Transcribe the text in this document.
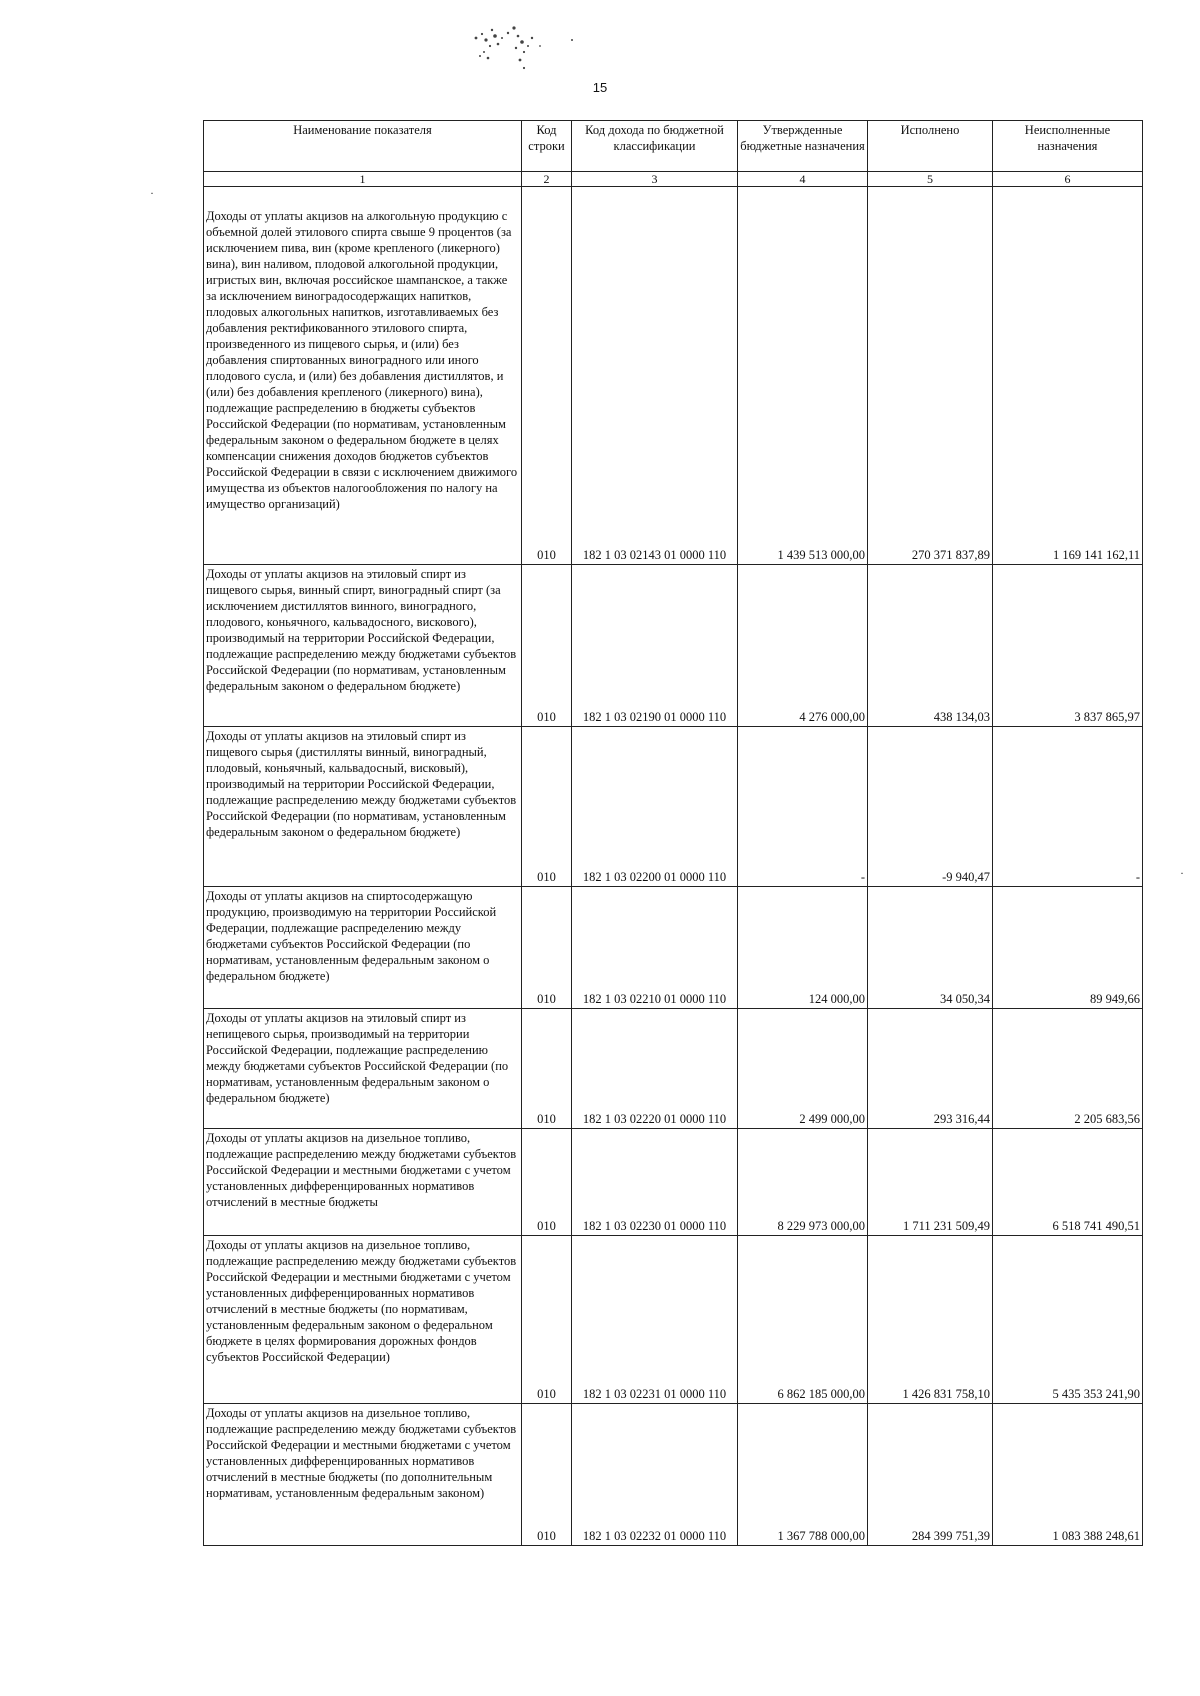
15
Наименование показателя	Код строки	Код дохода по бюджетной классификации	Утвержденные бюджетные назначения	Исполнено	Неисполненные назначения
1	2	3	4	5	6

Доходы от уплаты акцизов на алкогольную продукцию с объемной долей этилового спирта свыше 9 процентов (за исключением пива, вин (кроме крепленого (ликерного) вина), вин наливом, плодовой алкогольной продукции, игристых вин, включая российское шампанское, а также за исключением виноградосодержащих напитков, плодовых алкогольных напитков, изготавливаемых без добавления ректификованного этилового спирта, произведенного из пищевого сырья, и (или) без добавления спиртованных виноградного или иного плодового сусла, и (или) без добавления дистиллятов, и (или) без добавления крепленого (ликерного) вина), подлежащие распределению в бюджеты субъектов Российской Федерации (по нормативам, установленным федеральным законом о федеральном бюджете в целях компенсации снижения доходов бюджетов субъектов Российской Федерации в связи с исключением движимого имущества из объектов налогообложения по налогу на имущество организаций)	010	182 1 03 02143 01 0000 110	1 439 513 000,00	270 371 837,89	1 169 141 162,11
Доходы от уплаты акцизов на этиловый спирт из пищевого сырья, винный спирт, виноградный спирт (за исключением дистиллятов винного, виноградного, плодового, коньячного, кальвадосного, вискового), производимый на территории Российской Федерации, подлежащие распределению между бюджетами субъектов Российской Федерации (по нормативам, установленным федеральным законом о федеральном бюджете)	010	182 1 03 02190 01 0000 110	4 276 000,00	438 134,03	3 837 865,97
Доходы от уплаты акцизов на этиловый спирт из пищевого сырья (дистилляты винный, виноградный, плодовый, коньячный, кальвадосный, висковый), производимый на территории Российской Федерации, подлежащие распределению между бюджетами субъектов Российской Федерации (по нормативам, установленным федеральным законом о федеральном бюджете)	010	182 1 03 02200 01 0000 110	-	-9 940,47	-
Доходы от уплаты акцизов на спиртосодержащую продукцию, производимую на территории Российской Федерации, подлежащие распределению между бюджетами субъектов Российской Федерации (по нормативам, установленным федеральным законом о федеральном бюджете)	010	182 1 03 02210 01 0000 110	124 000,00	34 050,34	89 949,66
Доходы от уплаты акцизов на этиловый спирт из непищевого сырья, производимый на территории Российской Федерации, подлежащие распределению между бюджетами субъектов Российской Федерации (по нормативам, установленным федеральным законом о федеральном бюджете)	010	182 1 03 02220 01 0000 110	2 499 000,00	293 316,44	2 205 683,56
Доходы от уплаты акцизов на дизельное топливо, подлежащие распределению между бюджетами субъектов Российской Федерации и местными бюджетами с учетом установленных дифференцированных нормативов отчислений в местные бюджеты	010	182 1 03 02230 01 0000 110	8 229 973 000,00	1 711 231 509,49	6 518 741 490,51
Доходы от уплаты акцизов на дизельное топливо, подлежащие распределению между бюджетами субъектов Российской Федерации и местными бюджетами с учетом установленных дифференцированных нормативов отчислений в местные бюджеты (по нормативам, установленным федеральным законом о федеральном бюджете в целях формирования дорожных фондов субъектов Российской Федерации)	010	182 1 03 02231 01 0000 110	6 862 185 000,00	1 426 831 758,10	5 435 353 241,90
Доходы от уплаты акцизов на дизельное топливо, подлежащие распределению между бюджетами субъектов Российской Федерации и местными бюджетами с учетом установленных дифференцированных нормативов отчислений в местные бюджеты (по дополнительным нормативам, установленным федеральным законом)	010	182 1 03 02232 01 0000 110	1 367 788 000,00	284 399 751,39	1 083 388 248,61
·
·
